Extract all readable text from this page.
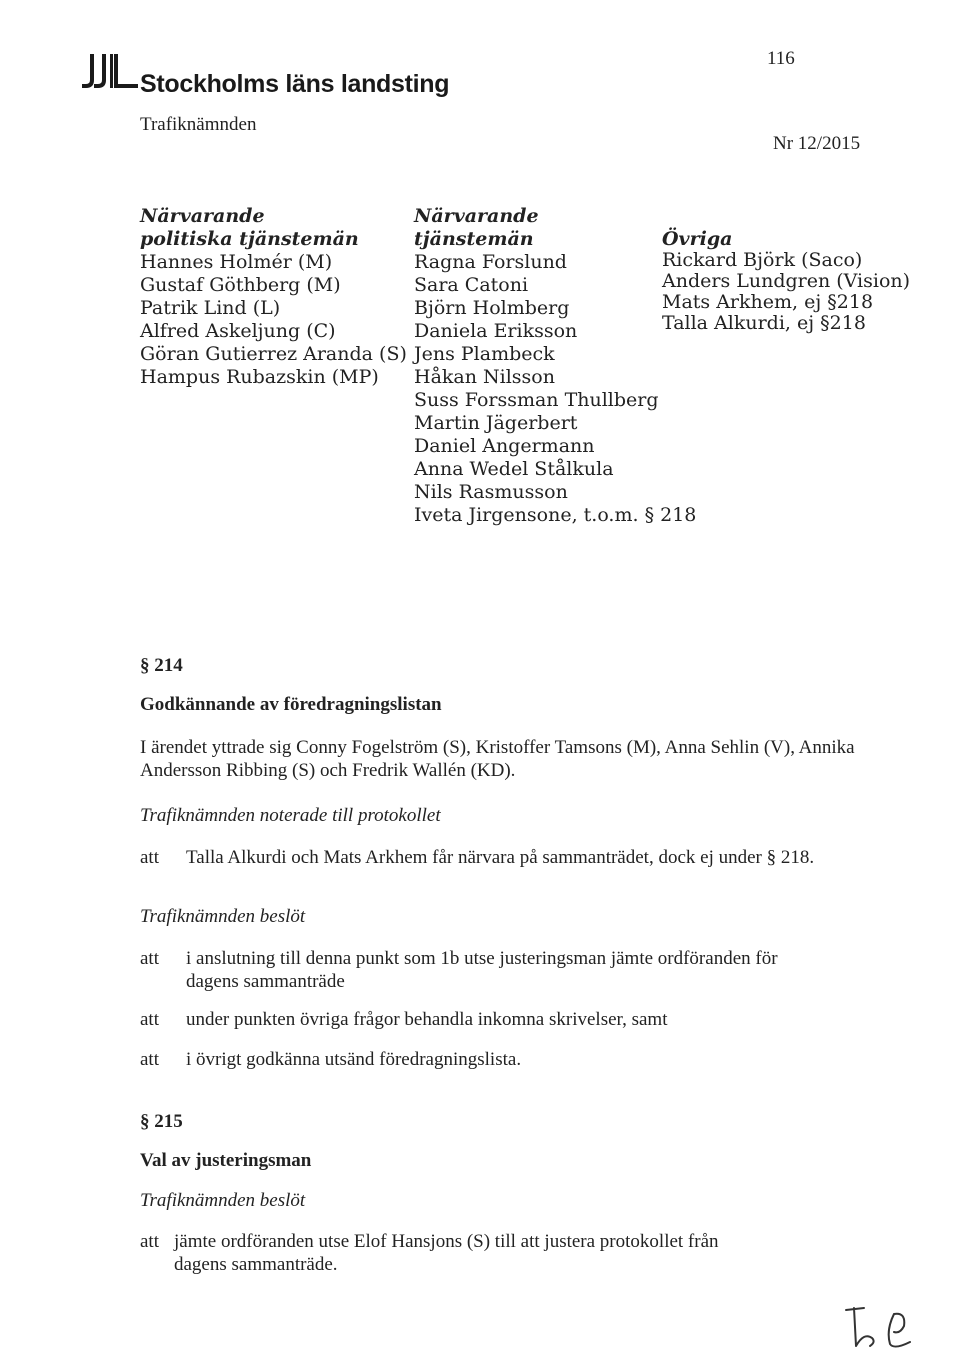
Stockholms läns landsting
Trafiknämnden
116
Nr 12/2015
Närvarande
politiska tjänstemän
Hannes Holmér (M)
Gustaf Göthberg (M)
Patrik Lind (L)
Alfred Askeljung (C)
Göran Gutierrez Aranda (S)
Hampus Rubazskin (MP)
Närvarande
tjänstemän
Ragna Forslund
Sara Catoni
Björn Holmberg
Daniela Eriksson
Jens Plambeck
Håkan Nilsson
Suss Forssman Thullberg
Martin Jägerbert
Daniel Angermann
Anna Wedel Stålkula
Nils Rasmusson
Iveta Jirgensone, t.o.m. § 218
Övriga
Rickard Björk (Saco)
Anders Lundgren (Vision)
Mats Arkhem, ej §218
Talla Alkurdi, ej §218
§ 214
Godkännande av föredragningslistan
I ärendet yttrade sig Conny Fogelström (S), Kristoffer Tamsons (M), Anna Sehlin (V), Annika
Andersson Ribbing (S) och Fredrik Wallén (KD).
Trafiknämnden noterade till protokollet
att Talla Alkurdi och Mats Arkhem får närvara på sammanträdet, dock ej under § 218.
Trafiknämnden beslöt
att i anslutning till denna punkt som 1b utse justeringsman jämte ordföranden för
dagens sammanträde
att under punkten övriga frågor behandla inkomna skrivelser, samt
att i övrigt godkänna utsänd föredragningslista.
§ 215
Val av justeringsman
Trafiknämnden beslöt
att jämte ordföranden utse Elof Hansjons (S) till att justera protokollet från
dagens sammanträde.
